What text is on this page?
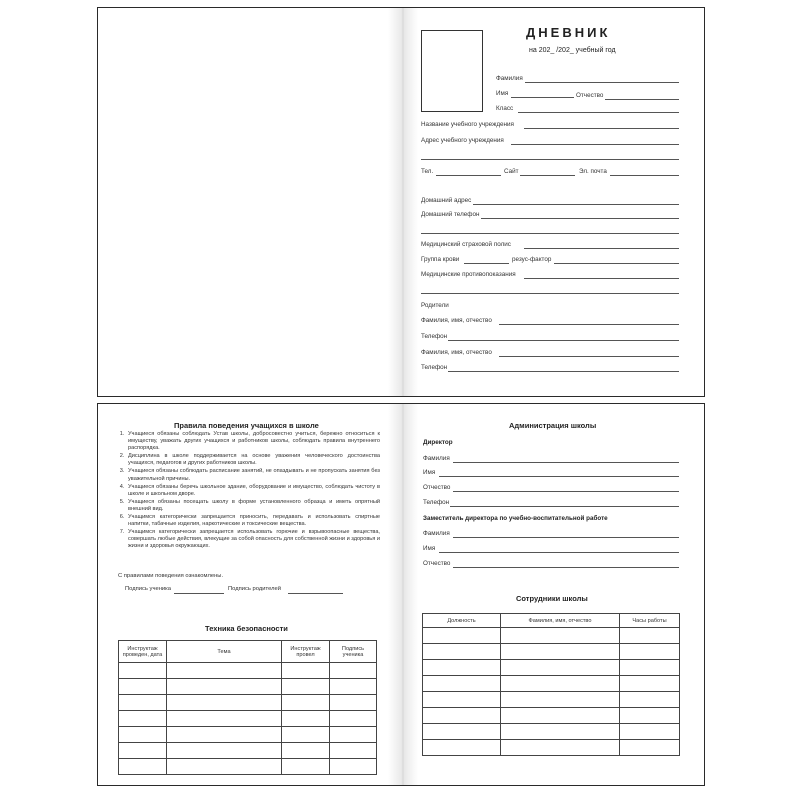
ДНЕВНИК
на 202_ /202_ учебный год
Фамилия
Имя	Отчество
Класс
Название учебного учреждения
Адрес учебного учреждения
Тел.	Сайт	Эл. почта
Домашний адрес
Домашний телефон
Медицинский страховой полис
Группа крови	резус-фактор
Медицинские противопоказания
Родители
Фамилия, имя, отчество
Телефон
Фамилия, имя, отчество
Телефон
Правила поведения учащихся в школе
1. Учащиеся обязаны соблюдать Устав школы, добросовестно учиться, бережно относиться к имуществу, уважать других учащихся и работников школы, соблюдать правила внутреннего распорядка.
2. Дисциплина в школе поддерживается на основе уважения человеческого достоинства учащихся, педагогов и других работников школы.
3. Учащиеся обязаны соблюдать расписание занятий, не опаздывать и не пропускать занятия без уважительной причины.
4. Учащиеся обязаны беречь школьное здание, оборудование и имущество, соблюдать чистоту в школе и школьном дворе.
5. Учащиеся обязаны посещать школу в форме установленного образца и иметь опрятный внешний вид.
6. Учащимся категорически запрещается приносить, передавать и использовать спиртные напитки, табачные изделия, наркотические и токсические вещества.
7. Учащимся категорически запрещается использовать горючие и взрывоопасные вещества, совершать любые действия, влекущие за собой опасность для собственной жизни и здоровья и жизни и здоровья окружающих.
С правилами поведения ознакомлены.
Подпись ученика	Подпись родителей
Техника безопасности
Инструктаж проведен, дата	Тема	Инструктаж провел	Подпись ученика

Администрация школы
Директор
Фамилия
Имя
Отчество
Телефон
Заместитель директора по учебно-воспитательной работе
Фамилия
Имя
Отчество
Сотрудники школы
Должность	Фамилия, имя, отчество	Часы работы
